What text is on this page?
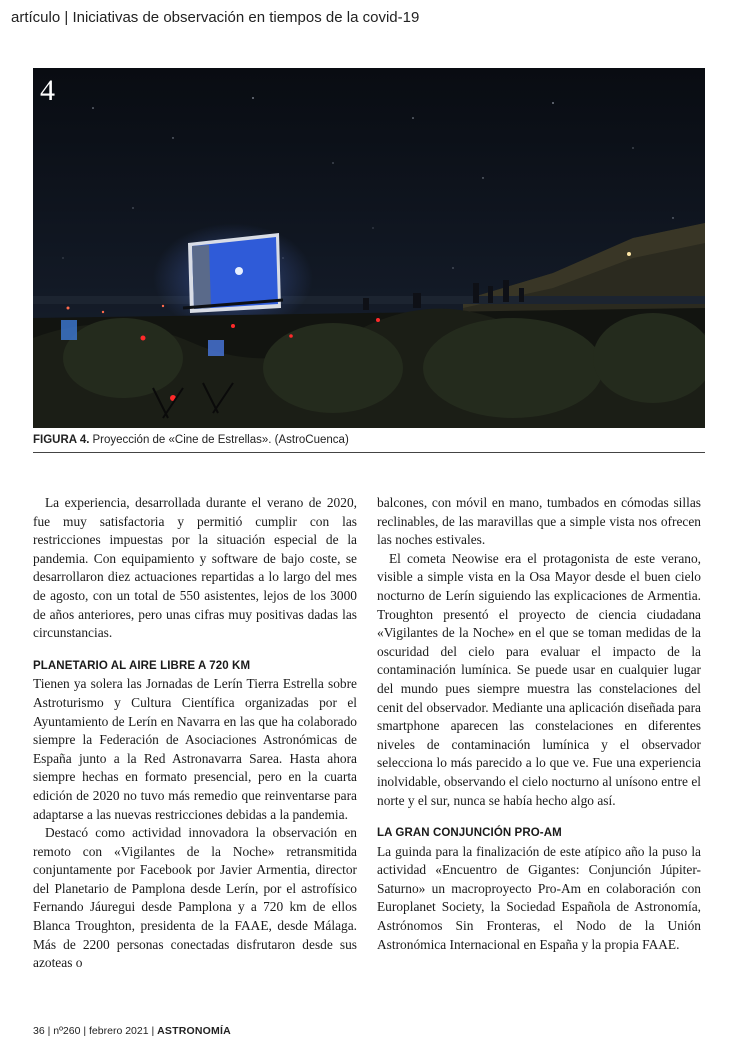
artículo | Iniciativas de observación en tiempos de la covid-19
4
FIGURA 4. Proyección de «Cine de Estrellas». (AstroCuenca)

La experiencia, desarrollada durante el verano de 2020, fue muy satisfactoria y permitió cumplir con las restricciones impuestas por la situación especial de la pandemia. Con equipamiento y software de bajo coste, se desarrollaron diez actuaciones repartidas a lo largo del mes de agosto, con un total de 550 asistentes, lejos de los 3000 de años anteriores, pero unas cifras muy positivas dadas las circunstancias.

PLANETARIO AL AIRE LIBRE A 720 KM

Tienen ya solera las Jornadas de Lerín Tierra Estrella sobre Astroturismo y Cultura Científica organizadas por el Ayuntamiento de Lerín en Navarra en las que ha colaborado siempre la Federación de Asociaciones Astronómicas de España junto a la Red Astronavarra Sarea. Hasta ahora siempre hechas en formato presencial, pero en la cuarta edición de 2020 no tuvo más remedio que reinventarse para adaptarse a las nuevas restricciones debidas a la pandemia.

Destacó como actividad innovadora la observación en remoto con «Vigilantes de la Noche» retransmitida conjuntamente por Facebook por Javier Armentia, director del Planetario de Pamplona desde Lerín, por el astrofísico Fernando Jáuregui desde Pamplona y a 720 km de ellos Blanca Troughton, presidenta de la FAAE, desde Málaga. Más de 2200 personas conectadas disfrutaron desde sus azoteas o

balcones, con móvil en mano, tumbados en cómodas sillas reclinables, de las maravillas que a simple vista nos ofrecen las noches estivales.

El cometa Neowise era el protagonista de este verano, visible a simple vista en la Osa Mayor desde el buen cielo nocturno de Lerín siguiendo las explicaciones de Armentia. Troughton presentó el proyecto de ciencia ciudadana «Vigilantes de la Noche» en el que se toman medidas de la oscuridad del cielo para evaluar el impacto de la contaminación lumínica. Se puede usar en cualquier lugar del mundo pues siempre muestra las constelaciones del cenit del observador. Mediante una aplicación diseñada para smartphone aparecen las constelaciones en diferentes niveles de contaminación lumínica y el observador selecciona lo más parecido a lo que ve. Fue una experiencia inolvidable, observando el cielo nocturno al unísono entre el norte y el sur, nunca se había hecho algo así.

LA GRAN CONJUNCIÓN PRO-AM

La guinda para la finalización de este atípico año la puso la actividad «Encuentro de Gigantes: Conjunción Júpiter-Saturno» un macroproyecto Pro-Am en colaboración con Europlanet Society, la Sociedad Española de Astronomía, Astrónomos Sin Fronteras, el Nodo de la Unión Astronómica Internacional en España y la propia FAAE.

36 | nº260 | febrero 2021 | ASTRONOMÍA
